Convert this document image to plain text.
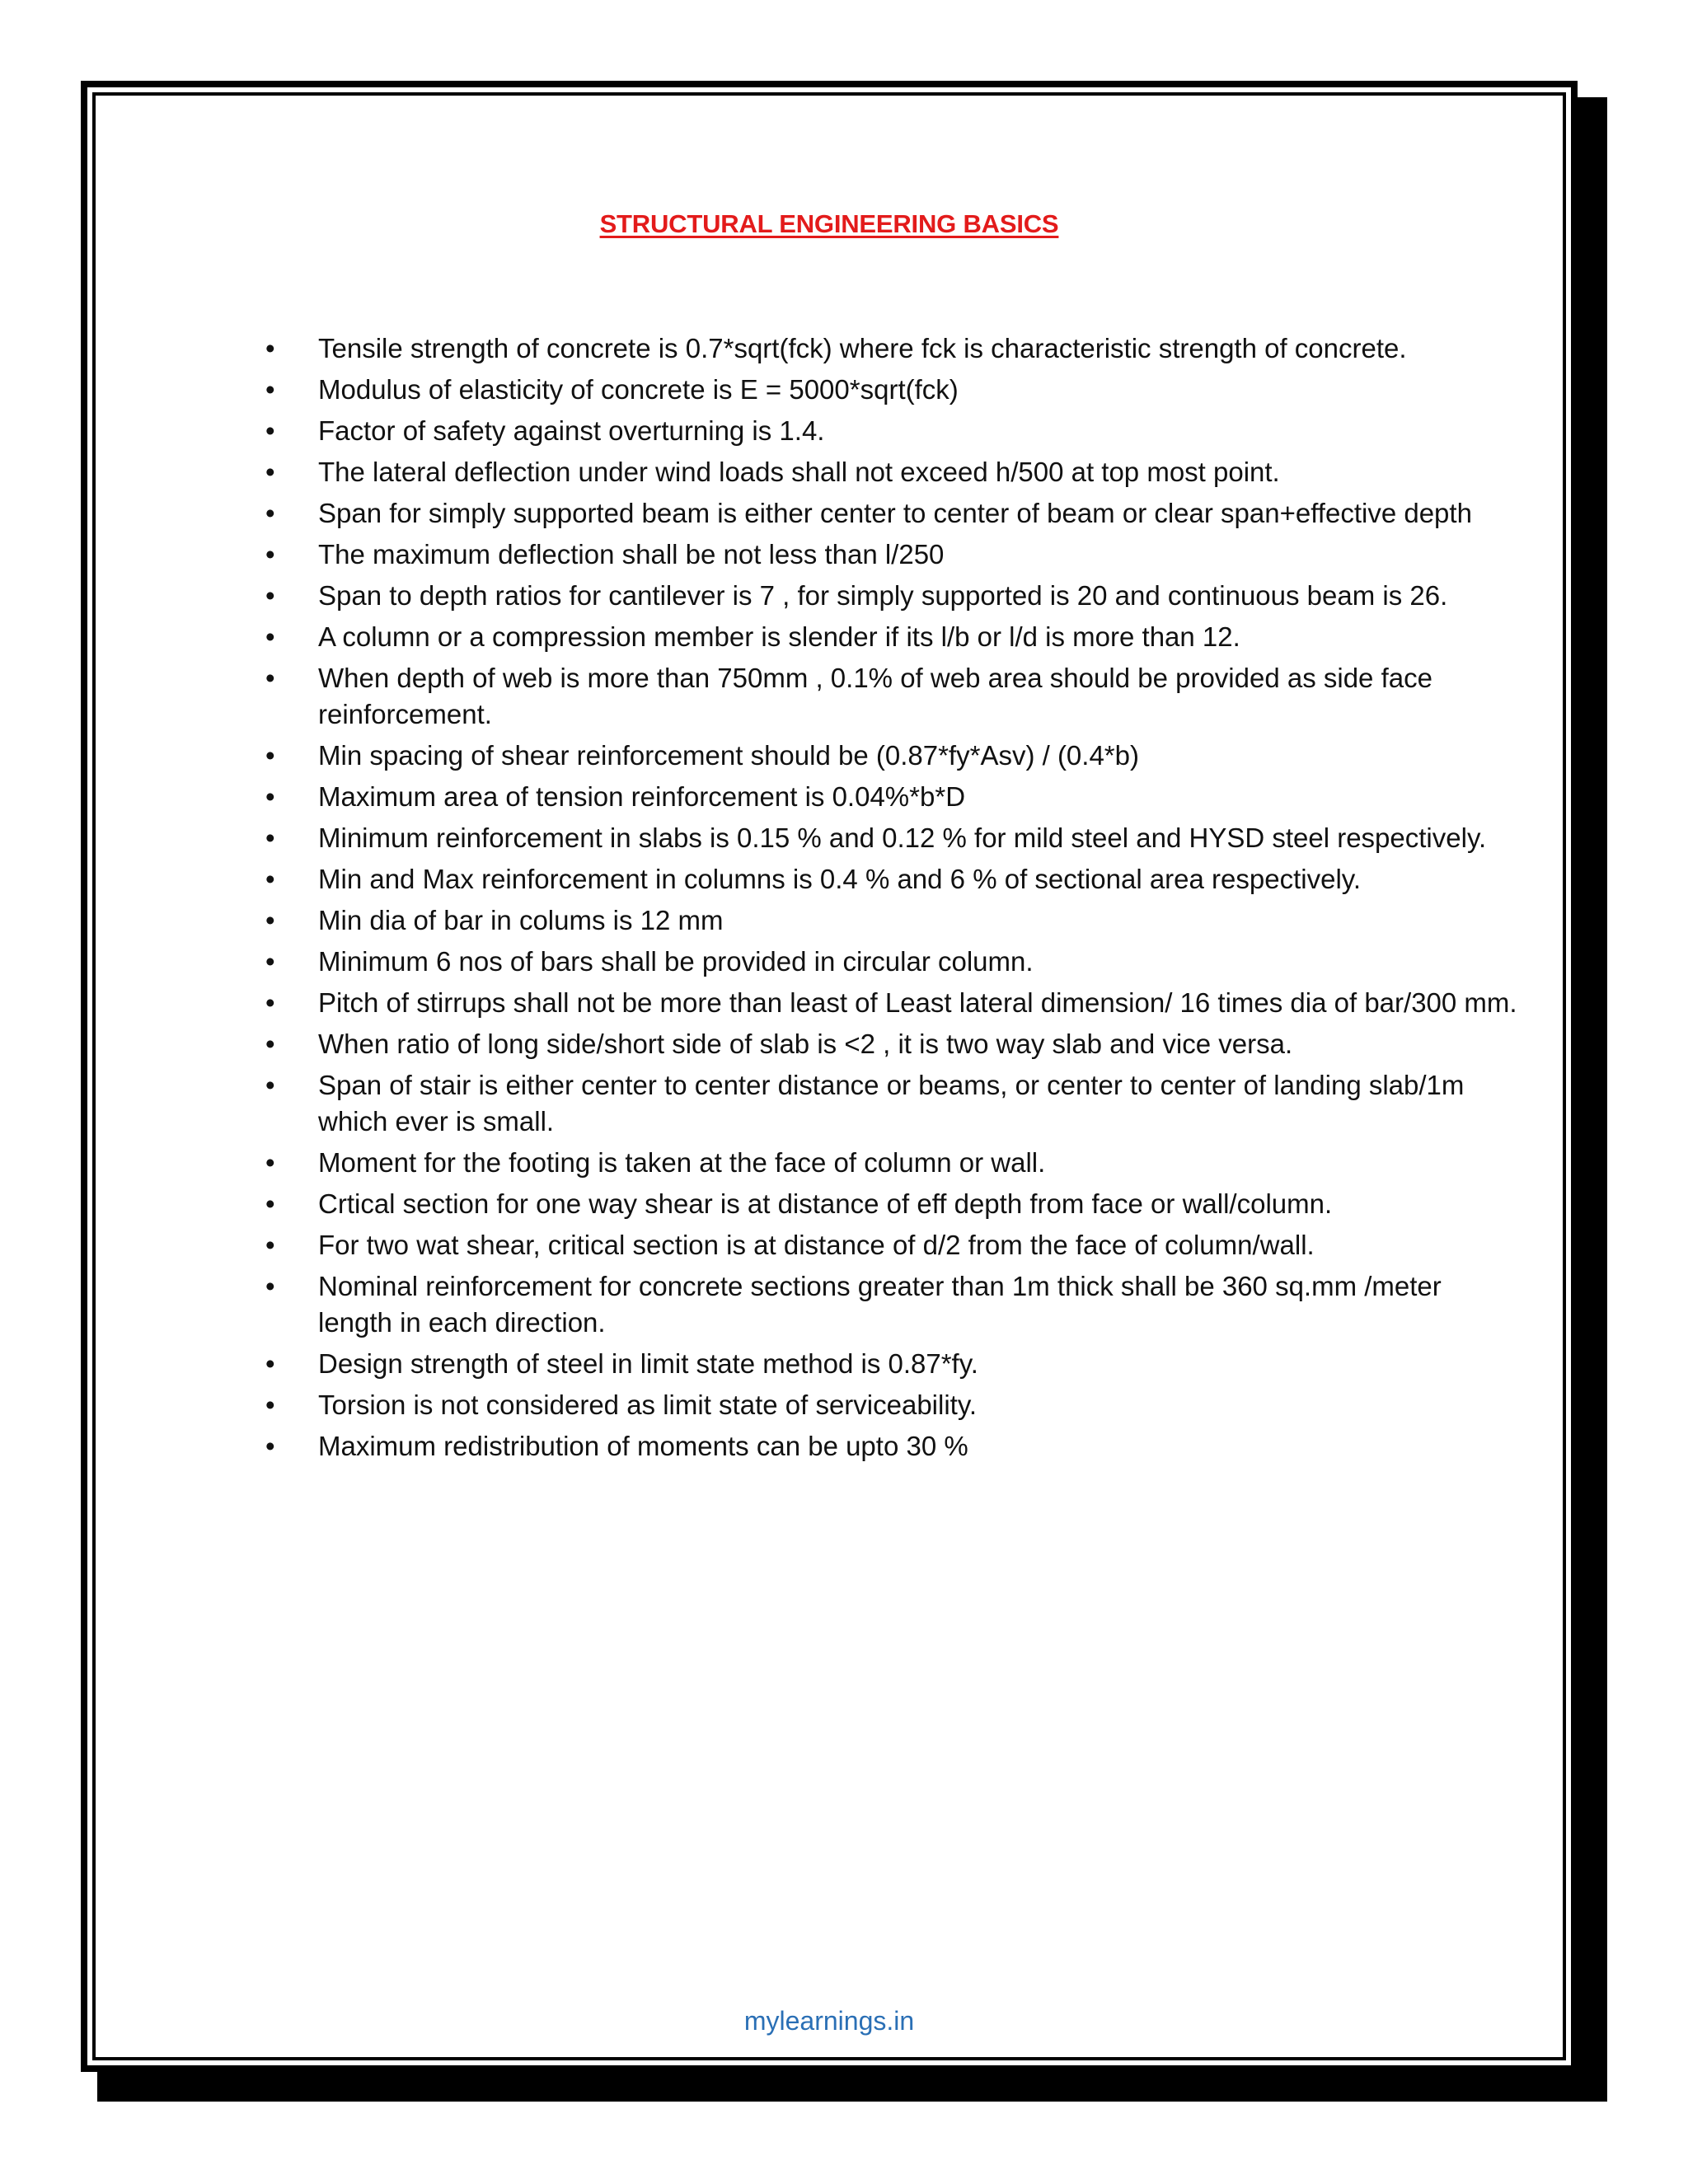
STRUCTURAL ENGINEERING BASICS
• Tensile strength of concrete is 0.7*sqrt(fck) where fck is characteristic strength of concrete.
• Modulus of elasticity of concrete is E = 5000*sqrt(fck)
• Factor of safety against overturning is 1.4.
• The lateral deflection under wind loads shall not exceed h/500 at top most point.
• Span for simply supported beam is either center to center of beam or clear span+effective depth
• The maximum deflection shall be not less than l/250
• Span to depth ratios for cantilever is 7 , for simply supported is 20 and continuous beam is 26.
• A column or a compression member is slender if its l/b or l/d is more than 12.
• When depth of web is more than 750mm , 0.1% of web area should be provided as side face reinforcement.
• Min spacing of shear reinforcement should be (0.87*fy*Asv) / (0.4*b)
• Maximum area of tension reinforcement is 0.04%*b*D
• Minimum reinforcement in slabs is 0.15 % and 0.12 % for mild steel and HYSD steel respectively.
• Min and Max reinforcement in columns is 0.4 % and 6 % of sectional area respectively.
• Min dia of bar in colums is 12 mm
• Minimum 6 nos of bars shall be provided in circular column.
• Pitch of stirrups shall not be more than least of Least lateral dimension/ 16 times dia of bar/300 mm.
• When ratio of long side/short side of slab is <2 , it is two way slab and vice versa.
• Span of stair is either center to center distance or beams, or center to center of landing slab/1m which ever is small.
• Moment for the footing is taken at the face of column or wall.
• Crtical section for one way shear is at distance of eff depth from face or wall/column.
• For two wat shear, critical section is at distance of d/2 from the face of column/wall.
• Nominal reinforcement for concrete sections greater than 1m thick shall be 360 sq.mm /meter length in each direction.
• Design strength of steel in limit state method is 0.87*fy.
• Torsion is not considered as limit state of serviceability.
• Maximum redistribution of moments can be upto 30 %
mylearnings.in
